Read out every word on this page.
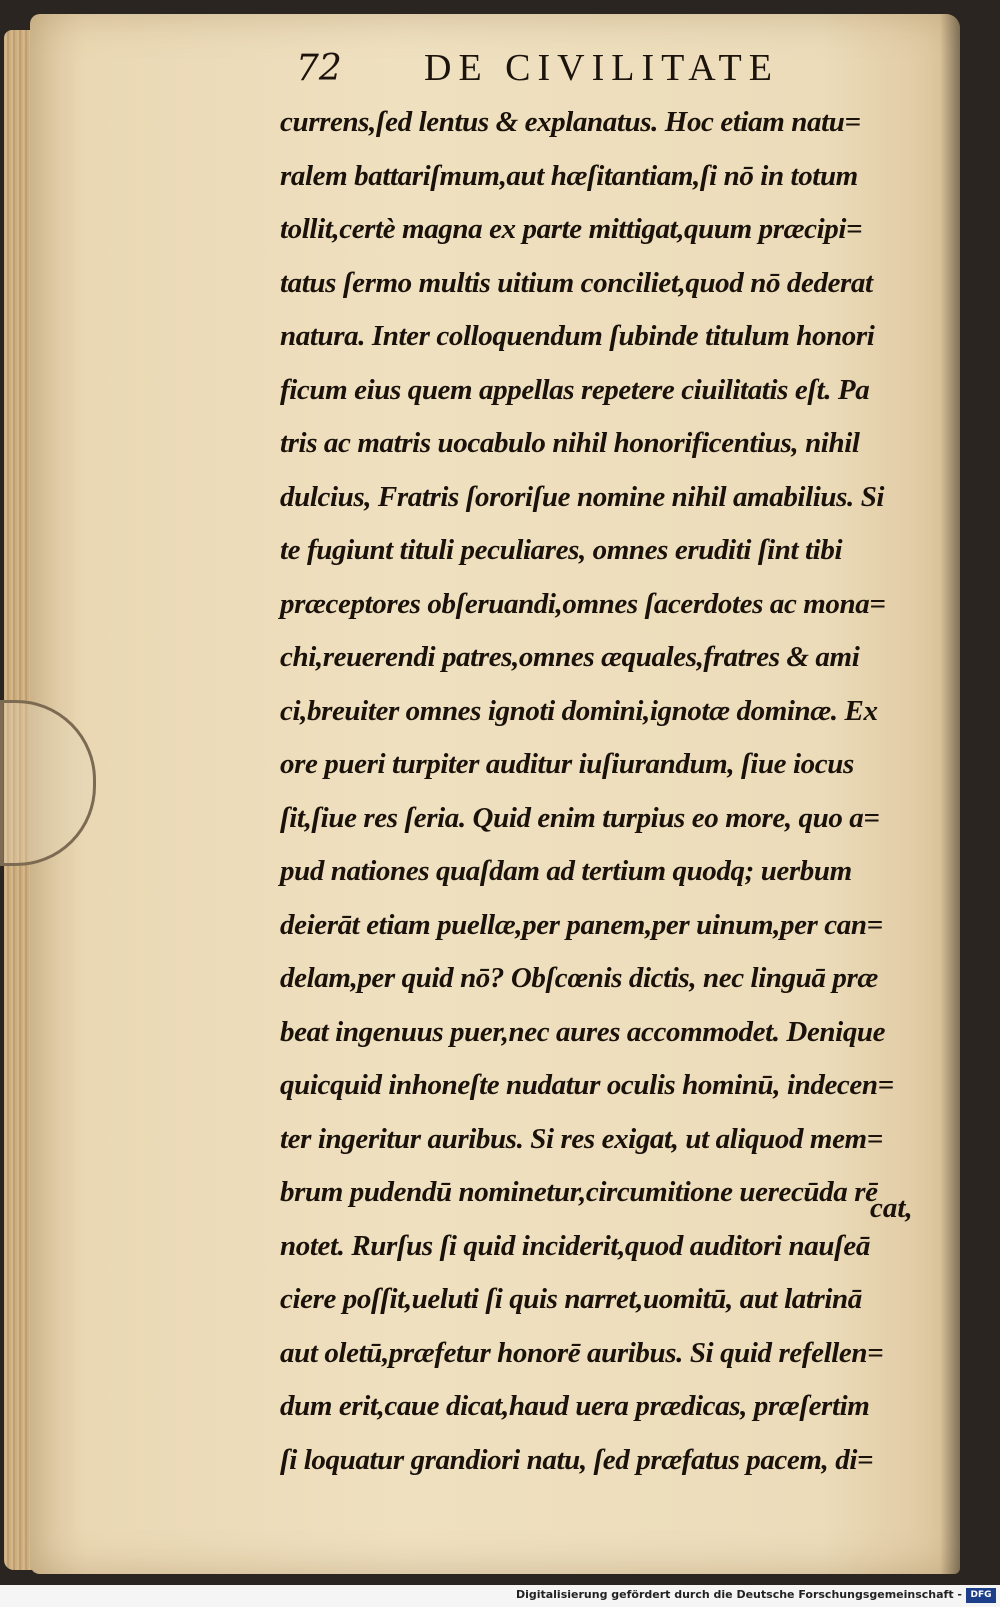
72 DE CIVILITATE
currens,ſed lentus & explanatus. Hoc etiam natu=
ralem battariſmum,aut hæſitantiam,ſi nō in totum
tollit,certè magna ex parte mittigat,quum præcipi=
tatus ſermo multis uitium conciliet,quod nō dederat
natura. Inter colloquendum ſubinde titulum honori
ficum eius quem appellas repetere ciuilitatis eſt. Pa
tris ac matris uocabulo nihil honorificentius, nihil
dulcius, Fratris ſororiſue nomine nihil amabilius. Si
te fugiunt tituli peculiares, omnes eruditi ſint tibi
præceptores obſeruandi,omnes ſacerdotes ac mona=
chi,reuerendi patres,omnes æquales,fratres & ami
ci,breuiter omnes ignoti domini,ignotæ dominæ. Ex
ore pueri turpiter auditur iuſiurandum, ſiue iocus
ſit,ſiue res ſeria. Quid enim turpius eo more, quo a=
pud nationes quaſdam ad tertium quodq; uerbum
deierāt etiam puellæ,per panem,per uinum,per can=
delam,per quid nō? Obſcœnis dictis, nec linguā præ
beat ingenuus puer,nec aures accommodet. Denique
quicquid inhoneſte nudatur oculis hominū, indecen=
ter ingeritur auribus. Si res exigat, ut aliquod mem=
brum pudendū nominetur,circumitione uerecūda rē
notet. Rurſus ſi quid inciderit,quod auditori nauſeā
ciere poſſit,ueluti ſi quis narret,uomitū, aut latrinā
aut oletū,præfetur honorē auribus. Si quid refellen=
dum erit,caue dicat,haud uera prædicas, præſertim
ſi loquatur grandiori natu, ſed præfatus pacem, di=
cat,
Digitalisierung gefördert durch die Deutsche Forschungsgemeinschaft - DFG
